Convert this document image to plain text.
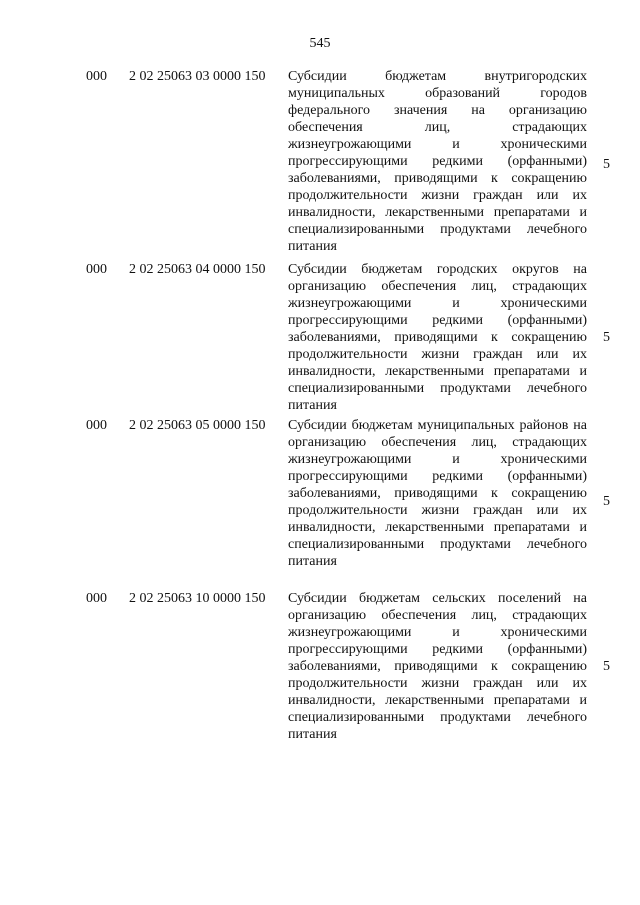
545
000 2 02 25063 03 0000 150 Субсидии бюджетам внутригородских муниципальных образований городов федерального значения на организацию обеспечения лиц, страдающих жизнеугрожающими и хроническими прогрессирующими редкими (орфанными) заболеваниями, приводящими к сокращению продолжительности жизни граждан или их инвалидности, лекарственными препаратами и специализированными продуктами лечебного питания
5
000 2 02 25063 04 0000 150 Субсидии бюджетам городских округов на организацию обеспечения лиц, страдающих жизнеугрожающими и хроническими прогрессирующими редкими (орфанными) заболеваниями, приводящими к сокращению продолжительности жизни граждан или их инвалидности, лекарственными препаратами и специализированными продуктами лечебного питания
5
000 2 02 25063 05 0000 150 Субсидии бюджетам муниципальных районов на организацию обеспечения лиц, страдающих жизнеугрожающими и хроническими прогрессирующими редкими (орфанными) заболеваниями, приводящими к сокращению продолжительности жизни граждан или их инвалидности, лекарственными препаратами и специализированными продуктами лечебного питания
5
000 2 02 25063 10 0000 150 Субсидии бюджетам сельских поселений на организацию обеспечения лиц, страдающих жизнеугрожающими и хроническими прогрессирующими редкими (орфанными) заболеваниями, приводящими к сокращению продолжительности жизни граждан или их инвалидности, лекарственными препаратами и специализированными продуктами лечебного питания
5
